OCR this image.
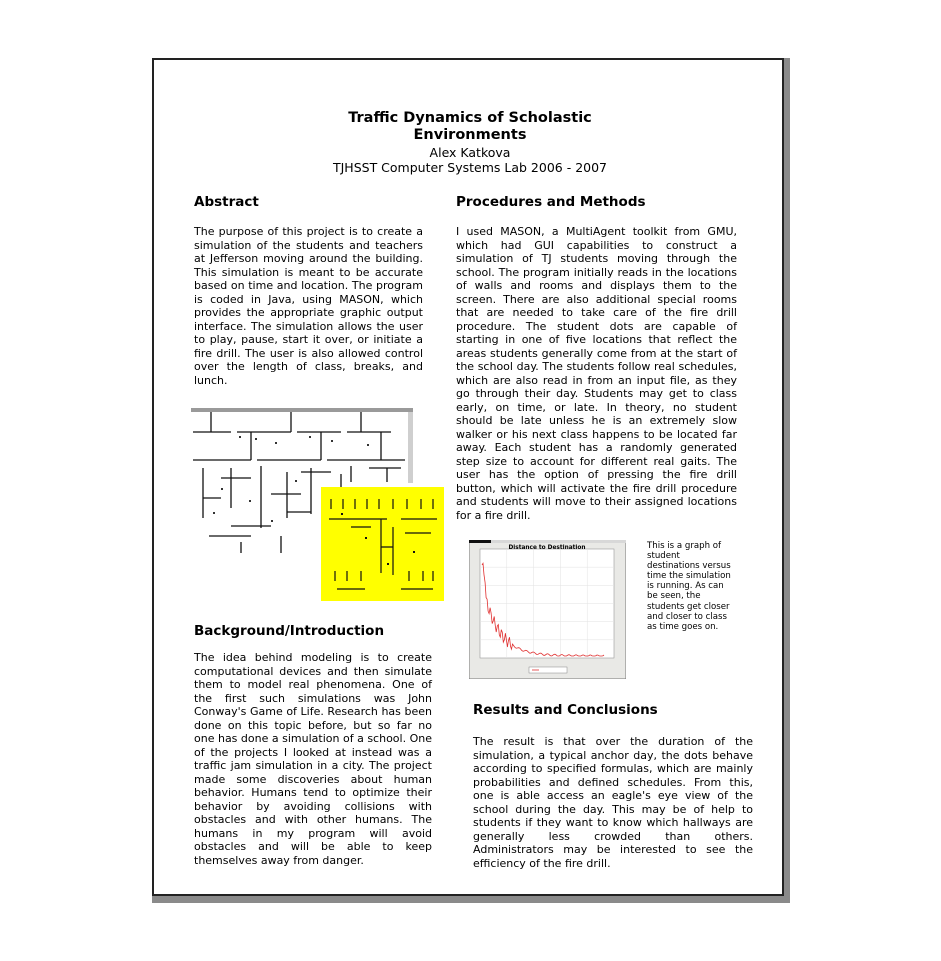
Traffic Dynamics of Scholastic
Environments
Alex Katkova
TJHSST Computer Systems Lab 2006 - 2007
Abstract

The purpose of this project is to create a simulation of the students and teachers at Jefferson moving around the building. This simulation is meant to be accurate based on time and location. The program is coded in Java, using MASON, which provides the appropriate graphic output interface. The simulation allows the user to play, pause, start it over, or initiate a fire drill. The user is also allowed control over the length of class, breaks, and lunch.

Procedures and Methods

I used MASON, a MultiAgent toolkit from GMU, which had GUI capabilities to construct a simulation of TJ students moving through the school. The program initially reads in the locations of walls and rooms and displays them to the screen. There are also additional special rooms that are needed to take care of the fire drill procedure. The student dots are capable of starting in one of five locations that reflect the areas students generally come from at the start of the school day. The students follow real schedules, which are also read in from an input file, as they go through their day. Students may get to class early, on time, or late. In theory, no student should be late unless he is an extremely slow walker or his next class happens to be located far away. Each student has a randomly generated step size to account for different real gaits. The user has the option of pressing the fire drill button, which will activate the fire drill procedure and students will move to their assigned locations for a fire drill.

Distance to Destination	This is a graph of student destinations versus time the simulation is running. As can be seen, the students get closer and closer to class as time goes on.
Background/Introduction

The idea behind modeling is to create computational devices and then simulate them to model real phenomena. One of the first such simulations was John Conway's Game of Life. Research has been done on this topic before, but so far no one has done a simulation of a school. One of the projects I looked at instead was a traffic jam simulation in a city. The project made some discoveries about human behavior. Humans tend to optimize their behavior by avoiding collisions with obstacles and with other humans. The humans in my program will avoid obstacles and will be able to keep themselves away from danger.

Results and Conclusions

The result is that over the duration of the simulation, a typical anchor day, the dots behave according to specified formulas, which are mainly probabilities and defined schedules. From this, one is able access an eagle's eye view of the school during the day. This may be of help to students if they want to know which hallways are generally less crowded than others. Administrators may be interested to see the efficiency of the fire drill.
